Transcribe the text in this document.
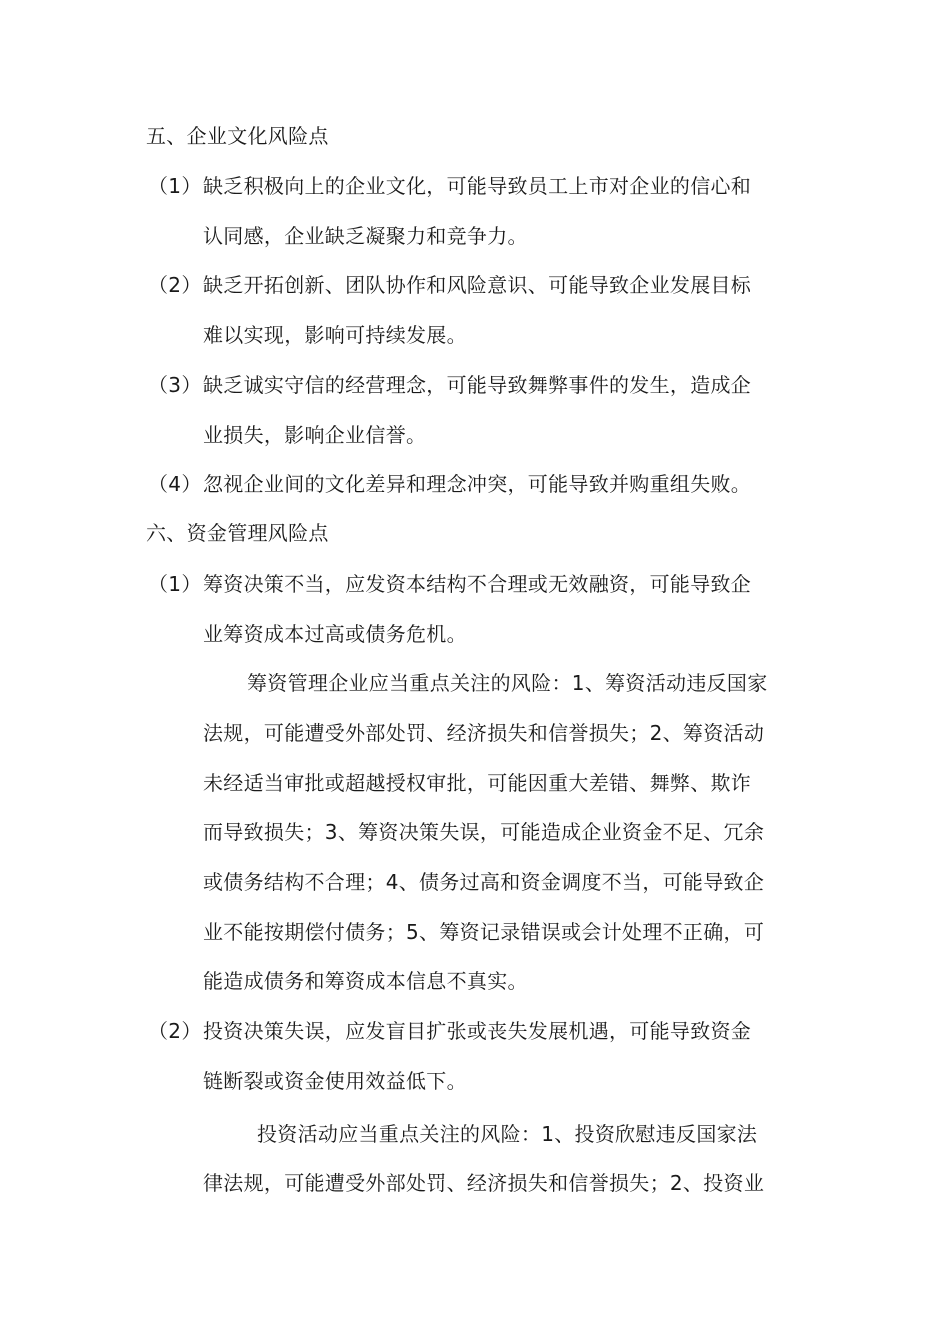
五、企业文化风险点
（1） 缺乏积极向上的企业文化，可能导致员工上市对企业的信心和
认同感，企业缺乏凝聚力和竞争力。
（2） 缺乏开拓创新、团队协作和风险意识、可能导致企业发展目标
难以实现，影响可持续发展。
（3） 缺乏诚实守信的经营理念，可能导致舞弊事件的发生，造成企
业损失，影响企业信誉。
（4） 忽视企业间的文化差异和理念冲突，可能导致并购重组失败。
六、资金管理风险点
（1） 筹资决策不当，应发资本结构不合理或无效融资，可能导致企
业筹资成本过高或债务危机。
筹资管理企业应当重点关注的风险：1、筹资活动违反国家
法规，可能遭受外部处罚、经济损失和信誉损失；2、筹资活动
未经适当审批或超越授权审批，可能因重大差错、舞弊、欺诈
而导致损失；3、筹资决策失误，可能造成企业资金不足、冗余
或债务结构不合理；4、债务过高和资金调度不当，可能导致企
业不能按期偿付债务；5、筹资记录错误或会计处理不正确，可
能造成债务和筹资成本信息不真实。
（2） 投资决策失误，应发盲目扩张或丧失发展机遇，可能导致资金
链断裂或资金使用效益低下。
投资活动应当重点关注的风险：1、投资欣慰违反国家法
律法规，可能遭受外部处罚、经济损失和信誉损失；2、投资业
